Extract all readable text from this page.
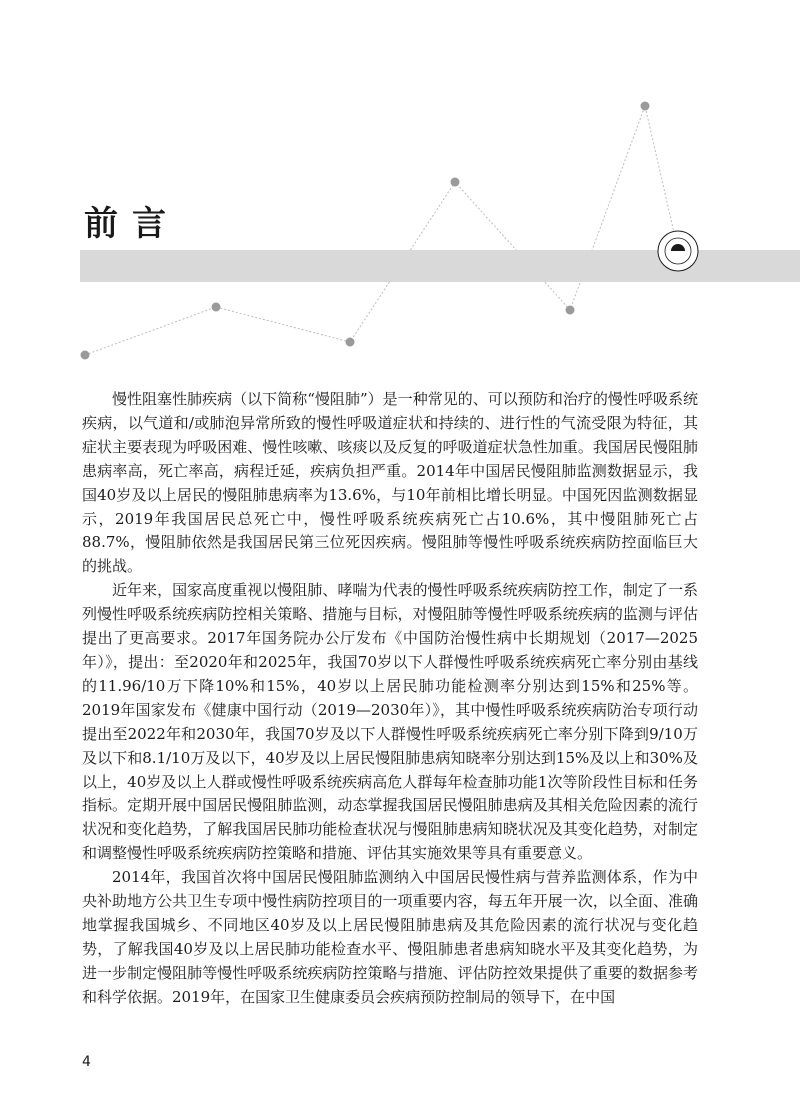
前言

慢性阻塞性肺疾病（以下简称“慢阻肺”）是一种常见的、可以预防和治疗的慢性呼吸系统疾病，以气道和/或肺泡异常所致的慢性呼吸道症状和持续的、进行性的气流受限为特征，其症状主要表现为呼吸困难、慢性咳嗽、咳痰以及反复的呼吸道症状急性加重。我国居民慢阻肺患病率高，死亡率高，病程迁延，疾病负担严重。2014年中国居民慢阻肺监测数据显示，我国40岁及以上居民的慢阻肺患病率为13.6%，与10年前相比增长明显。中国死因监测数据显示，2019年我国居民总死亡中，慢性呼吸系统疾病死亡占10.6%，其中慢阻肺死亡占88.7%，慢阻肺依然是我国居民第三位死因疾病。慢阻肺等慢性呼吸系统疾病防控面临巨大的挑战。

近年来，国家高度重视以慢阻肺、哮喘为代表的慢性呼吸系统疾病防控工作，制定了一系列慢性呼吸系统疾病防控相关策略、措施与目标，对慢阻肺等慢性呼吸系统疾病的监测与评估提出了更高要求。2017年国务院办公厅发布《中国防治慢性病中长期规划（2017—2025年）》，提出：至2020年和2025年，我国70岁以下人群慢性呼吸系统疾病死亡率分别由基线的11.96/10万下降10%和15%，40岁以上居民肺功能检测率分别达到15%和25%等。2019年国家发布《健康中国行动（2019—2030年）》，其中慢性呼吸系统疾病防治专项行动提出至2022年和2030年，我国70岁及以下人群慢性呼吸系统疾病死亡率分别下降到9/10万及以下和8.1/10万及以下，40岁及以上居民慢阻肺患病知晓率分别达到15%及以上和30%及以上，40岁及以上人群或慢性呼吸系统疾病高危人群每年检查肺功能1次等阶段性目标和任务指标。定期开展中国居民慢阻肺监测，动态掌握我国居民慢阻肺患病及其相关危险因素的流行状况和变化趋势，了解我国居民肺功能检查状况与慢阻肺患病知晓状况及其变化趋势，对制定和调整慢性呼吸系统疾病防控策略和措施、评估其实施效果等具有重要意义。

2014年，我国首次将中国居民慢阻肺监测纳入中国居民慢性病与营养监测体系，作为中央补助地方公共卫生专项中慢性病防控项目的一项重要内容，每五年开展一次，以全面、准确地掌握我国城乡、不同地区40岁及以上居民慢阻肺患病及其危险因素的流行状况与变化趋势，了解我国40岁及以上居民肺功能检查水平、慢阻肺患者患病知晓水平及其变化趋势，为进一步制定慢阻肺等慢性呼吸系统疾病防控策略与措施、评估防控效果提供了重要的数据参考和科学依据。2019年，在国家卫生健康委员会疾病预防控制局的领导下，在中国

4
